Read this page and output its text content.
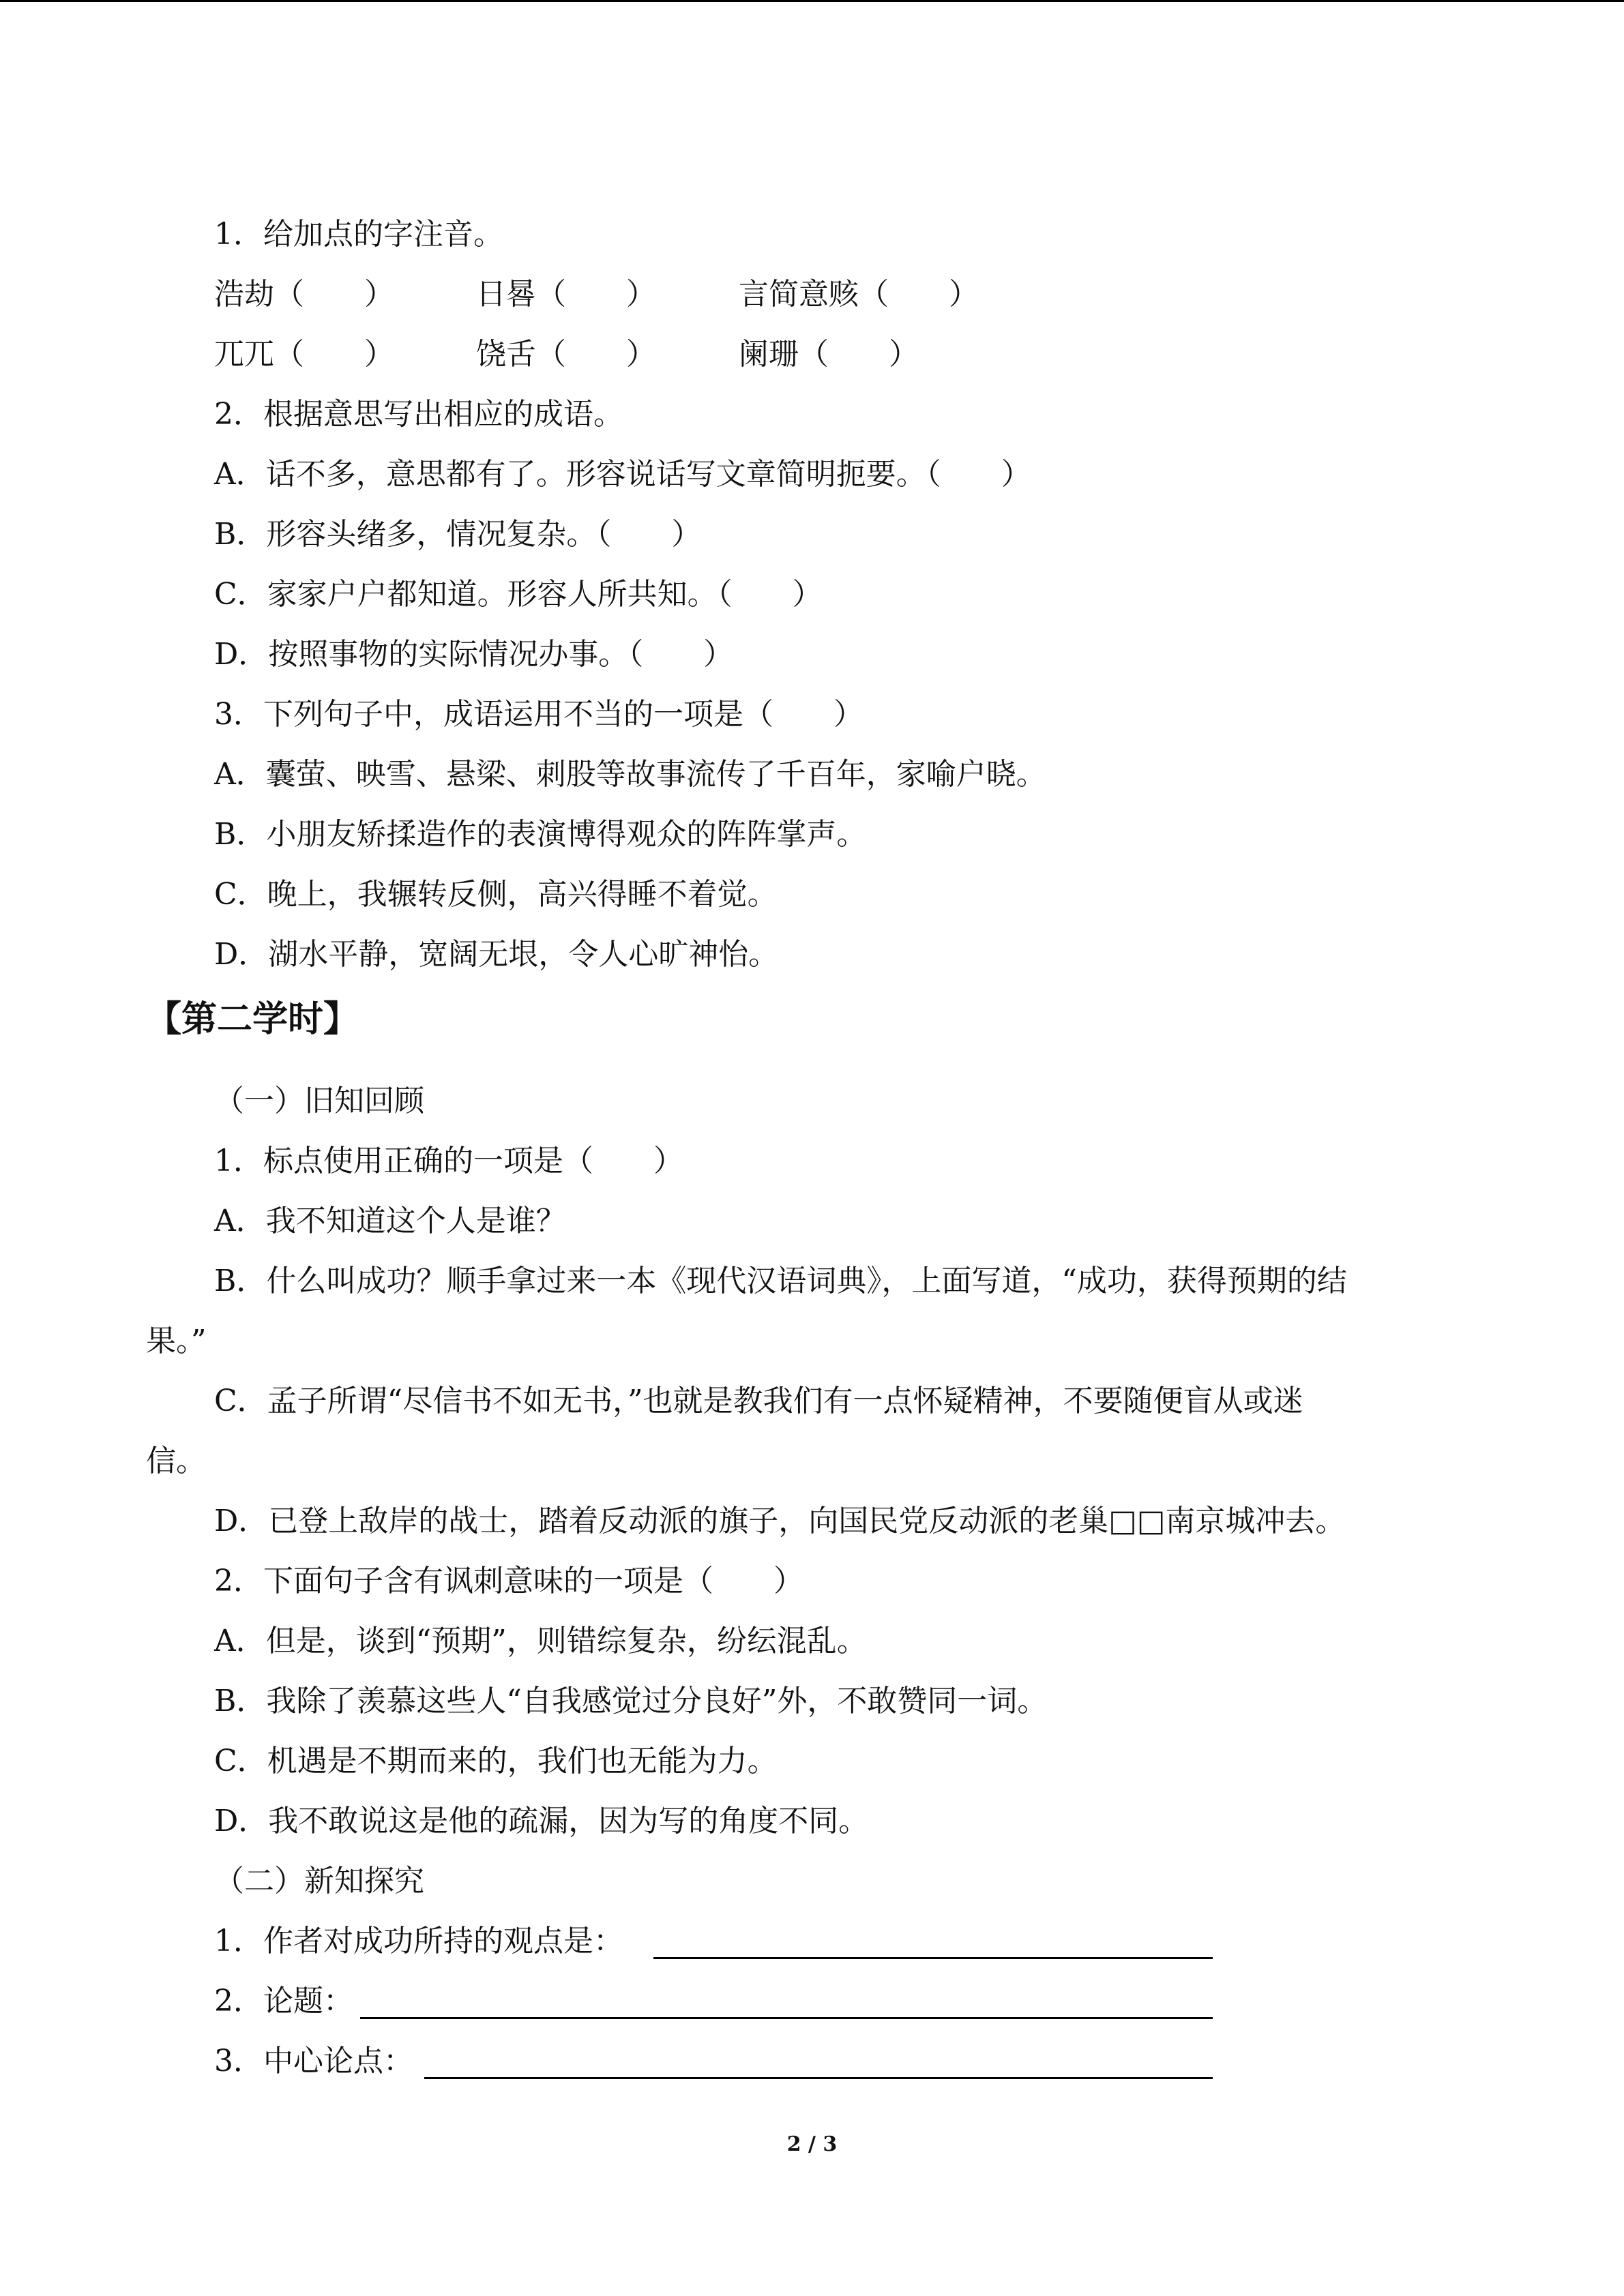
1．给加点的字注音。
浩劫（　　）	日晷（　　）	言简意赅（　　）
兀兀（　　）	饶舌（　　）	阑珊（　　）
2．根据意思写出相应的成语。
A．话不多，意思都有了。形容说话写文章简明扼要。（　　）
B．形容头绪多，情况复杂。（　　）
C．家家户户都知道。形容人所共知。（　　）
D．按照事物的实际情况办事。（　　）
3．下列句子中，成语运用不当的一项是（　　）
A．囊萤、映雪、悬梁、刺股等故事流传了千百年，家喻户晓。
B．小朋友矫揉造作的表演博得观众的阵阵掌声。
C．晚上，我辗转反侧，高兴得睡不着觉。
D．湖水平静，宽阔无垠，令人心旷神怡。
【第二学时】
（一）旧知回顾
1．标点使用正确的一项是（　　）
A．我不知道这个人是谁？
B．什么叫成功？顺手拿过来一本《现代汉语词典》，上面写道，“成功，获得预期的结
果。”
C．孟子所谓“尽信书不如无书，”也就是教我们有一点怀疑精神，不要随便盲从或迷
信。
D．已登上敌岸的战士，踏着反动派的旗子，向国民党反动派的老巢□□南京城冲去。
2．下面句子含有讽刺意味的一项是（　　）
A．但是，谈到“预期”，则错综复杂，纷纭混乱。
B．我除了羡慕这些人“自我感觉过分良好”外，不敢赞同一词。
C．机遇是不期而来的，我们也无能为力。
D．我不敢说这是他的疏漏，因为写的角度不同。
（二）新知探究
1．作者对成功所持的观点是：
2．论题：
3．中心论点：
2 / 3
